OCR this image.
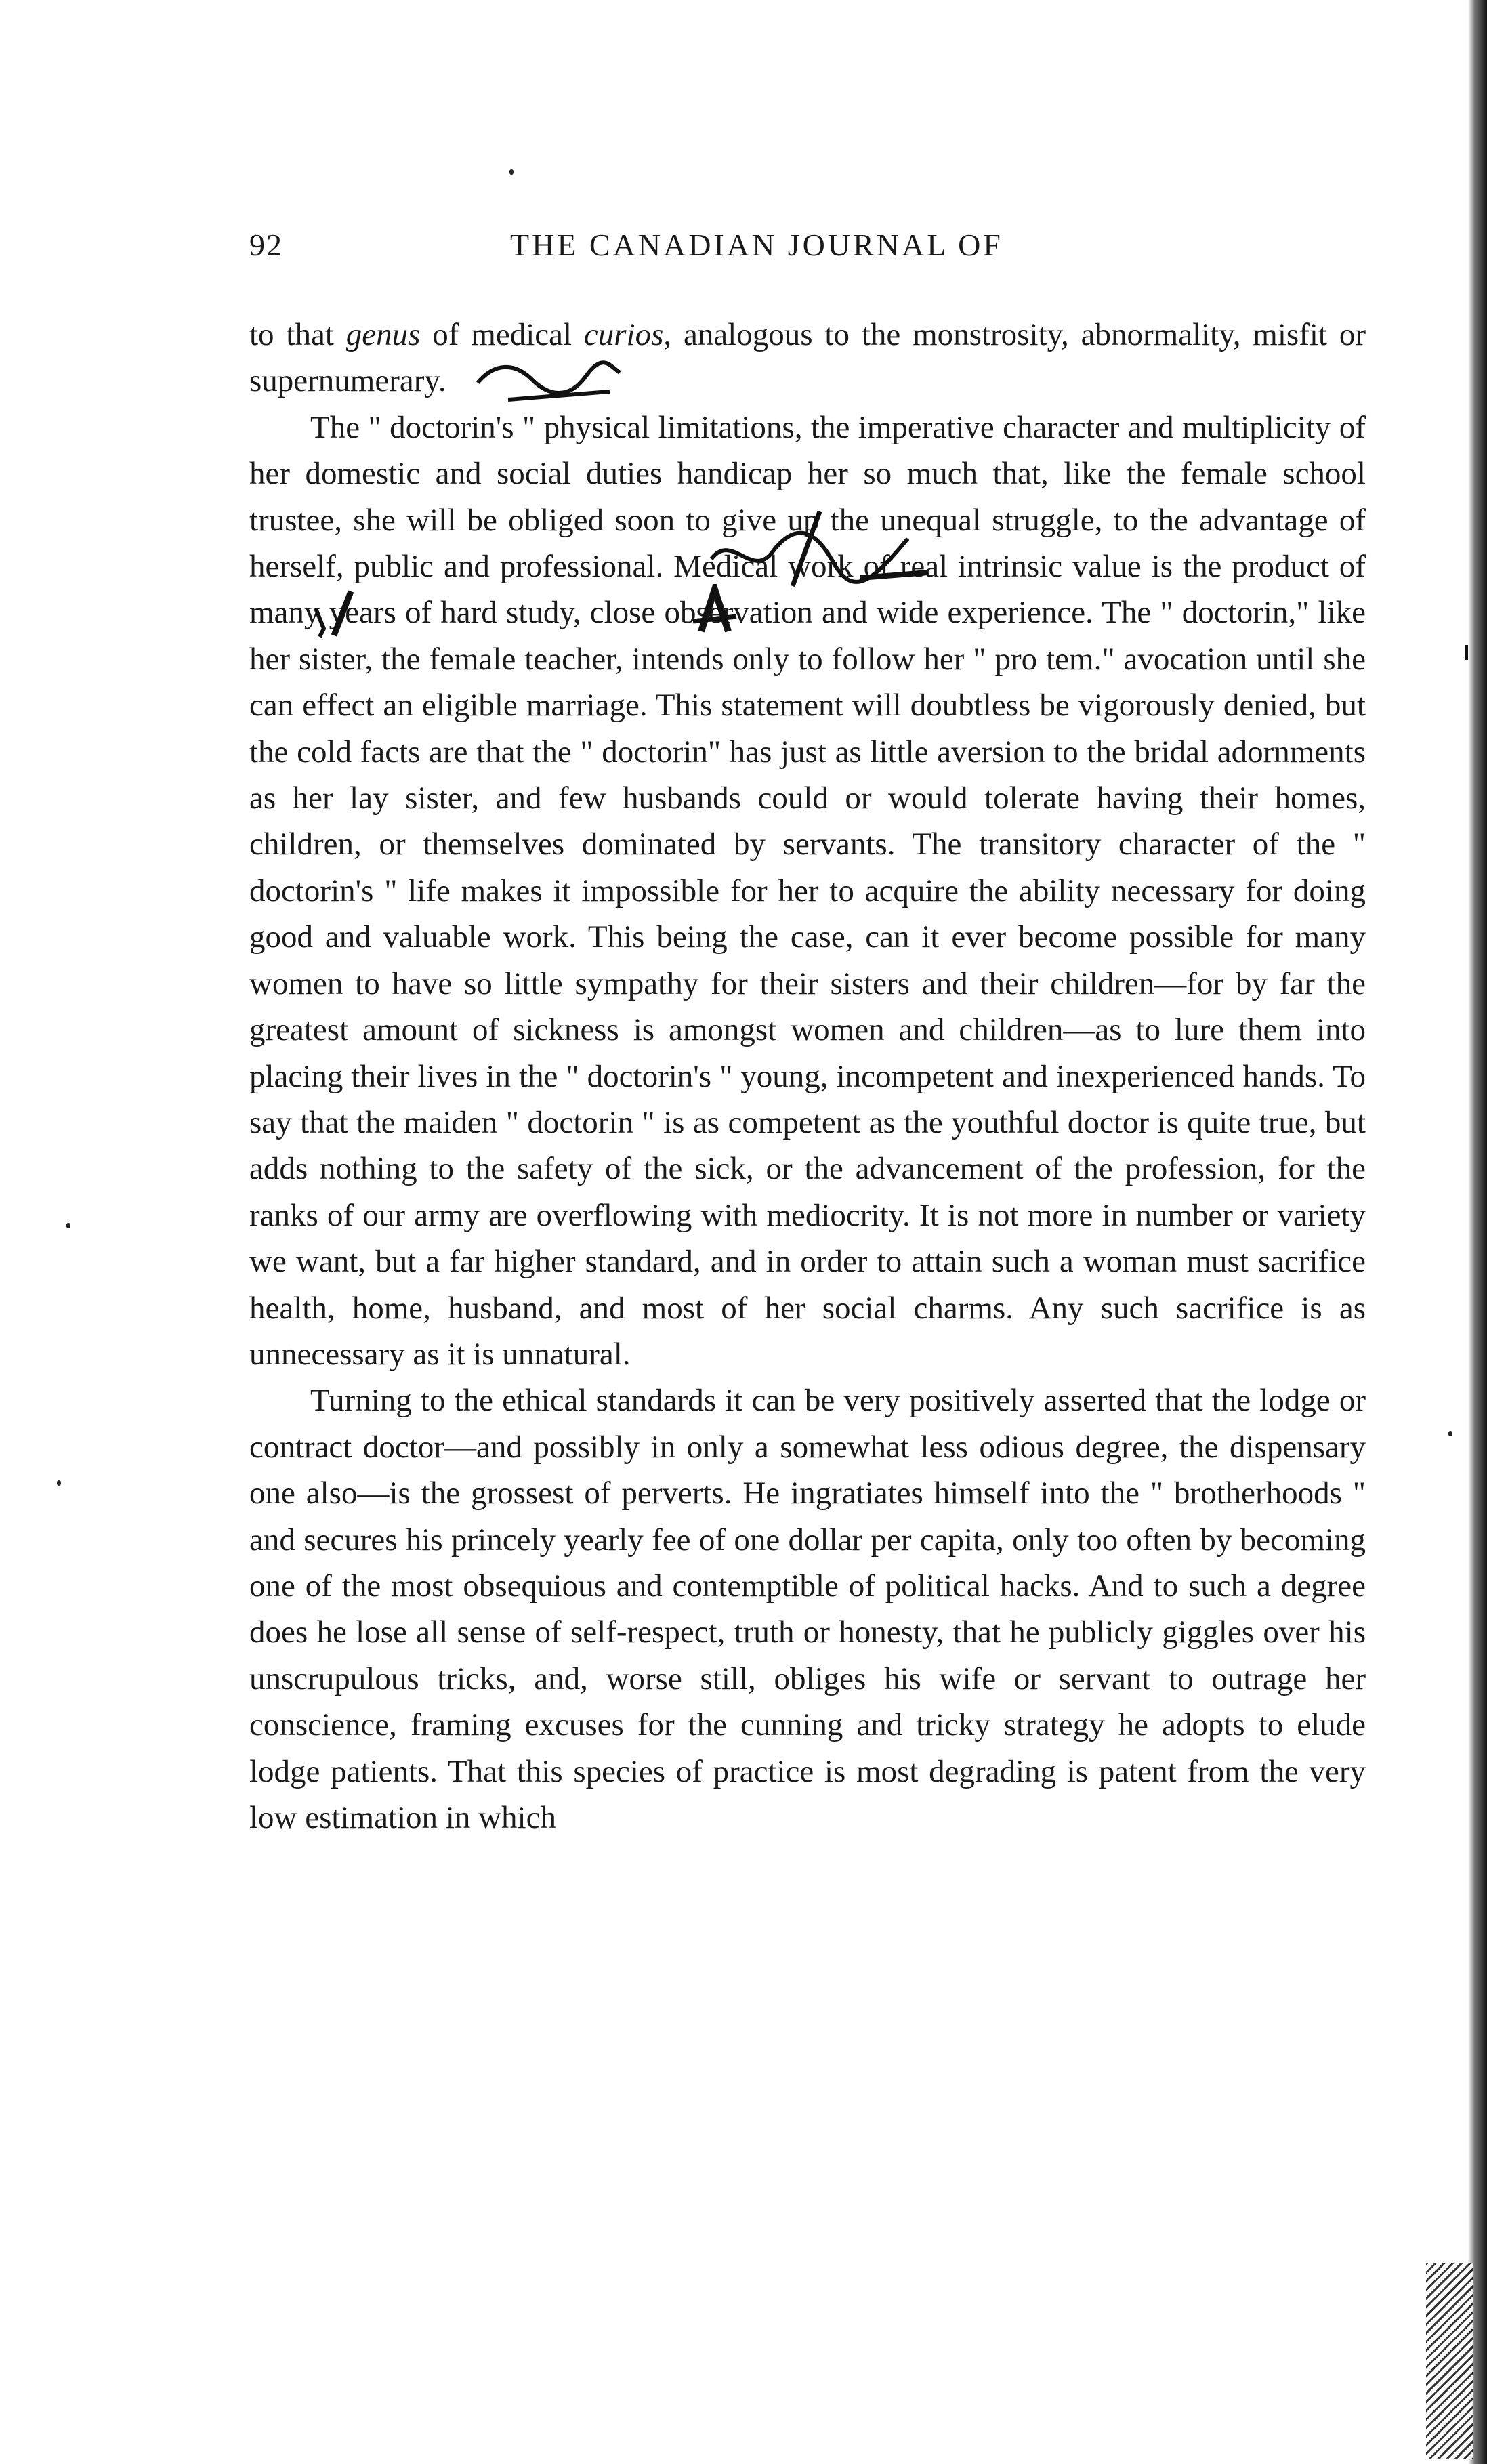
92	THE CANADIAN JOURNAL OF

to that genus of medical curios, analogous to the monstrosity, abnormality, misfit or supernumerary.

The " doctorin's " physical limitations, the imperative character and multiplicity of her domestic and social duties handicap her so much that, like the female school trustee, she will be obliged soon to give up the unequal struggle, to the advantage of herself, public and professional. Medical work of real intrinsic value is the product of many years of hard study, close observation and wide experience. The " doctorin," like her sister, the female teacher, intends only to follow her " pro tem." avocation until she can effect an eligible marriage. This statement will doubtless be vigorously denied, but the cold facts are that the " doctorin" has just as little aversion to the bridal adornments as her lay sister, and few husbands could or would tolerate having their homes, children, or themselves dominated by servants. The transitory character of the " doctorin's " life makes it impossible for her to acquire the ability necessary for doing good and valuable work. This being the case, can it ever become possible for many women to have so little sympathy for their sisters and their children—for by far the greatest amount of sickness is amongst women and children—as to lure them into placing their lives in the " doctorin's " young, incompetent and inexperienced hands. To say that the maiden " doctorin " is as competent as the youthful doctor is quite true, but adds nothing to the safety of the sick, or the advancement of the profession, for the ranks of our army are overflowing with mediocrity. It is not more in number or variety we want, but a far higher standard, and in order to attain such a woman must sacrifice health, home, husband, and most of her social charms. Any such sacrifice is as unnecessary as it is unnatural.

Turning to the ethical standards it can be very positively asserted that the lodge or contract doctor—and possibly in only a somewhat less odious degree, the dispensary one also—is the grossest of perverts. He ingratiates himself into the " brotherhoods " and secures his princely yearly fee of one dollar per capita, only too often by becoming one of the most obsequious and contemptible of political hacks. And to such a degree does he lose all sense of self-respect, truth or honesty, that he publicly giggles over his unscrupulous tricks, and, worse still, obliges his wife or servant to outrage her conscience, framing excuses for the cunning and tricky strategy he adopts to elude lodge patients. That this species of practice is most degrading is patent from the very low estimation in which
